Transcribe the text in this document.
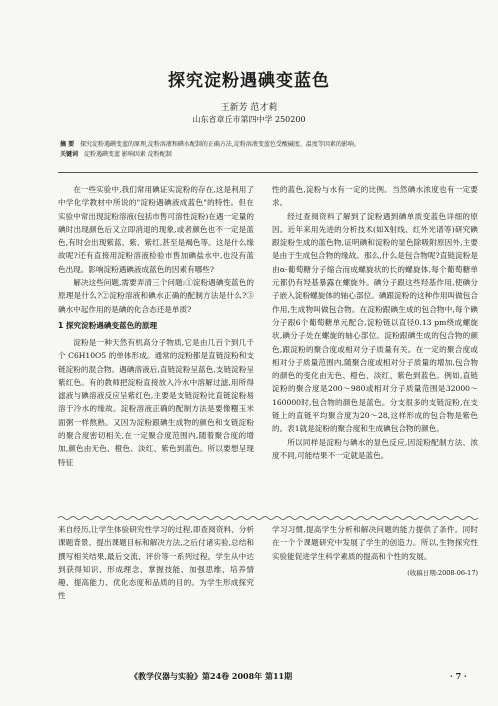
探究淀粉遇碘变蓝色
王新芳 范才莉
山东省章丘市第四中学 250200
摘 要 探究淀粉遇碘变蓝的原理,淀粉溶液和碘水配制的正确方法,淀粉溶液变蓝色受酸碱度、温度等因素的影响。
关键词 淀粉遇碘变蓝 影响因素 淀粉配制

在一些实验中,我们常用碘证实淀粉的存在,这是利用了中学化学教材中所说的"淀粉遇碘液成蓝色"的特性。但在实验中常出现淀粉溶液(包括市售可溶性淀粉)在遇一定量的碘时出现颜色后又立即消退的现象,或者颜色也不一定是蓝色,有时会出现紫蓝、紫、紫红,甚至是褐色等。这是什么缘故呢?还有直接用淀粉溶液检验市售加碘盐水中,也没有蓝色出现。影响淀粉遇碘液成蓝色的因素有哪些?

解决这些问题,需要弄清三个问题:①淀粉遇碘变蓝色的原理是什么?②淀粉溶液和碘水正确的配制方法是什么?③碘水中起作用的是碘的化合态还是单质?

1 探究淀粉遇碘变蓝色的原理

淀粉是一种天然有机高分子物质,它是由几百个到几千个 C6H10O5 的单体形成。通常的淀粉都是直链淀粉和支链淀粉的混合物。遇碘溶液后,直链淀粉呈蓝色,支链淀粉呈紫红色。有的教师把淀粉直接放入冷水中溶解过滤,用所得滤液与碘溶液反应呈紫红色,主要是支链淀粉比直链淀粉易溶于冷水的缘故。淀粉溶液正确的配制方法是要像糨玉米面粥一样熬熟。又因为淀粉跟碘生成物的颜色和支链淀粉的聚合度密切相关,在一定聚合度范围内,随着聚合度的增加,颜色由无色、橙色、淡红、紫色到蓝色。所以要想呈现特征

性的蓝色,淀粉与水有一定的比例。当然碘水浓度也有一定要求。

经过查阅资料了解到了淀粉遇到碘单质变蓝色详细的原因。近年来用先进的分析技术(如X射线、红外光谱等)研究碘跟淀粉生成的蓝色物,证明碘和淀粉的显色除吸附原因外,主要是由于生成包合物的缘故。那么,什么是包合物呢?直链淀粉是由α-葡萄糖分子缩合而成螺旋状的长的螺旋体,每个葡萄糖单元都仍有羟基暴露在螺旋外。碘分子跟这些羟基作用,使碘分子嵌入淀粉螺旋体的轴心部位。碘跟淀粉的这种作用叫做包合作用,生成物叫做包合物。在淀粉跟碘生成的包合物中,每个碘分子跟6个葡萄糖单元配合,淀粉链以直径0.13 pm绕成螺旋状,碘分子处在螺旋的轴心部位。淀粉跟碘生成的包合物的颜色,跟淀粉的聚合度或相对分子质量有关。在一定的聚合度或相对分子质量范围内,随聚合度或相对分子质量的增加,包合物的颜色的变化由无色、橙色、淡红、紫色到蓝色。例如,直链淀粉的聚合度是200～980或相对分子质量范围是32000～160000时,包合物的颜色是蓝色。分支很多的支链淀粉,在支链上的直链平均聚合度为20～28,这样形成的包合物是紫色的。表1就是淀粉的聚合度和生成碘包合物的颜色。

所以同样是淀粉与碘水的显色反应,因淀粉配制方法、浓度不同,可能结果不一定就是蓝色。

来自经历,让学生体验研究性学习的过程,即查阅资料、分析课题背景、提出课题目标和解决方法,之后付诸实验,总结和撰写相关结果,最后交流、评价等一系列过程。学生从中达到获得知识、形成理念、掌握技能、加强思维、培养情趣、提高能力、优化态度和品质的目的。为学生形成探究性

学习习惯,提高学生分析和解决问题的能力提供了条件。同时在一个个课题研究中发展了学生的创造力。所以,生物探究性实验能促进学生科学素质的提高和个性的发展。

(收稿日期:2008-06-17)
《教学仪器与实验》第24卷 2008年 第11期	· 7 ·
